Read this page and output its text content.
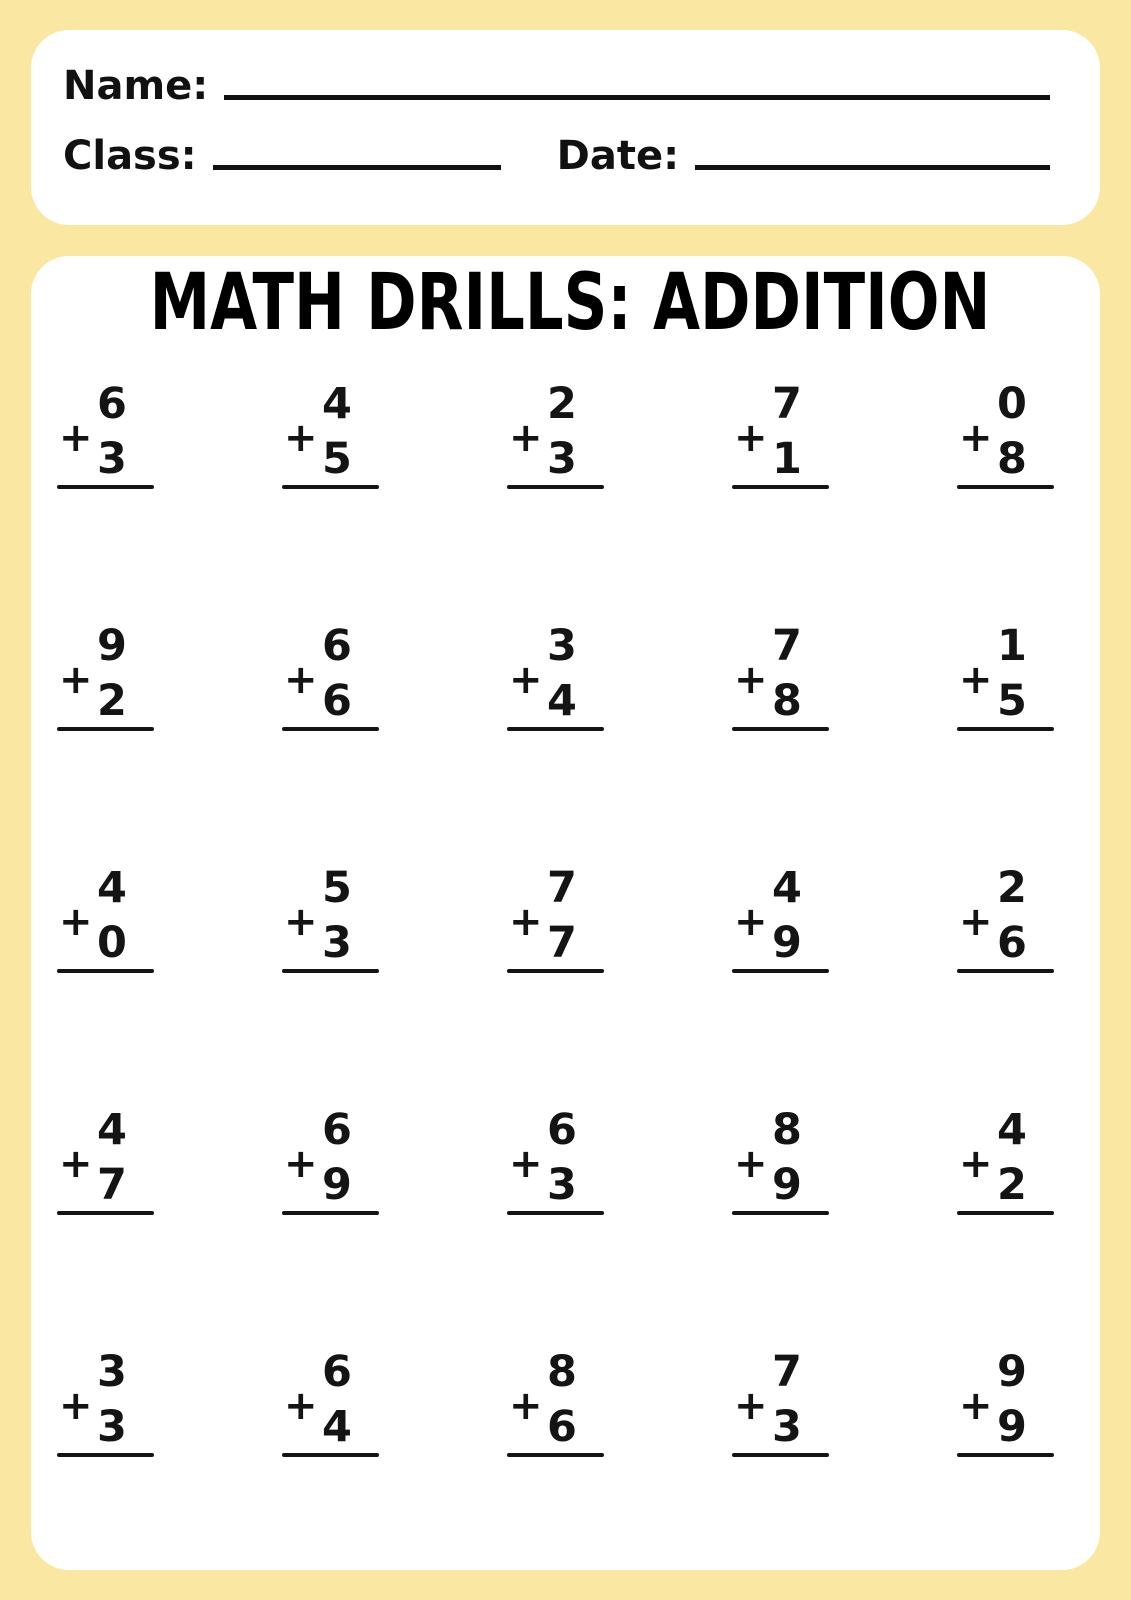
Name:
Class:	Date:
MATH DRILLS: ADDITION
6
+ 3
4
+ 5
2
+ 3
7
+ 1
0
+ 8
9
+ 2
6
+ 6
3
+ 4
7
+ 8
1
+ 5
4
+ 0
5
+ 3
7
+ 7
4
+ 9
2
+ 6
4
+ 7
6
+ 9
6
+ 3
8
+ 9
4
+ 2
3
+ 3
6
+ 4
8
+ 6
7
+ 3
9
+ 9
